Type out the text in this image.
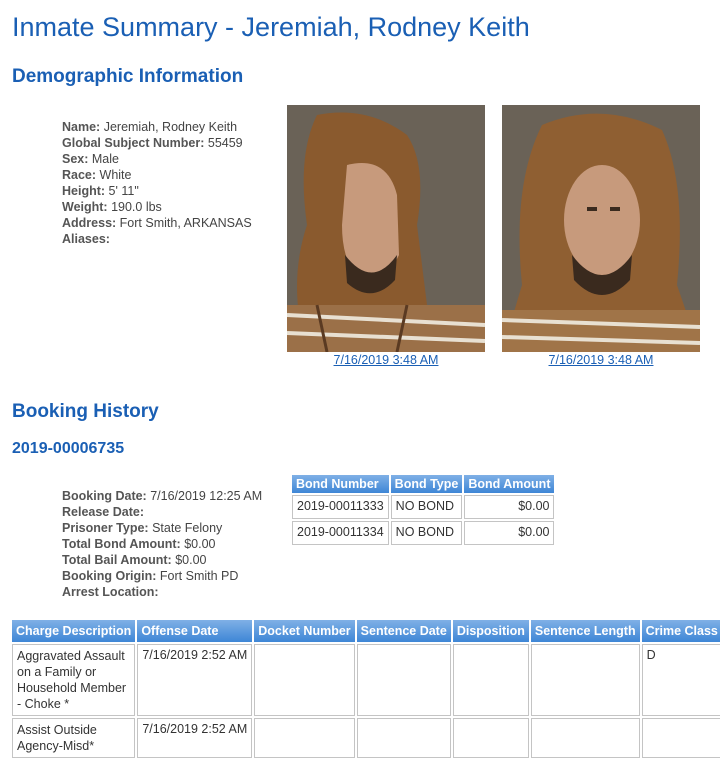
Inmate Summary - Jeremiah, Rodney Keith
Demographic Information
Name: Jeremiah, Rodney Keith
Global Subject Number: 55459
Sex: Male
Race: White
Height: 5' 11"
Weight: 190.0 lbs
Address: Fort Smith, ARKANSAS
Aliases:
7/16/2019 3:48 AM	7/16/2019 3:48 AM
Booking History
2019-00006735
Booking Date: 7/16/2019 12:25 AM
Release Date:
Prisoner Type: State Felony
Total Bond Amount: $0.00
Total Bail Amount: $0.00
Booking Origin: Fort Smith PD
Arrest Location:
Bond Number	Bond Type	Bond Amount
2019-00011333	NO BOND	$0.00
2019-00011334	NO BOND	$0.00
Charge Description	Offense Date	Docket Number	Sentence Date	Disposition	Sentence Length	Crime Class
Aggravated Assault on a Family or Household Member - Choke *	7/16/2019 2:52 AM					D
Assist Outside Agency-Misd*	7/16/2019 2:52 AM					
